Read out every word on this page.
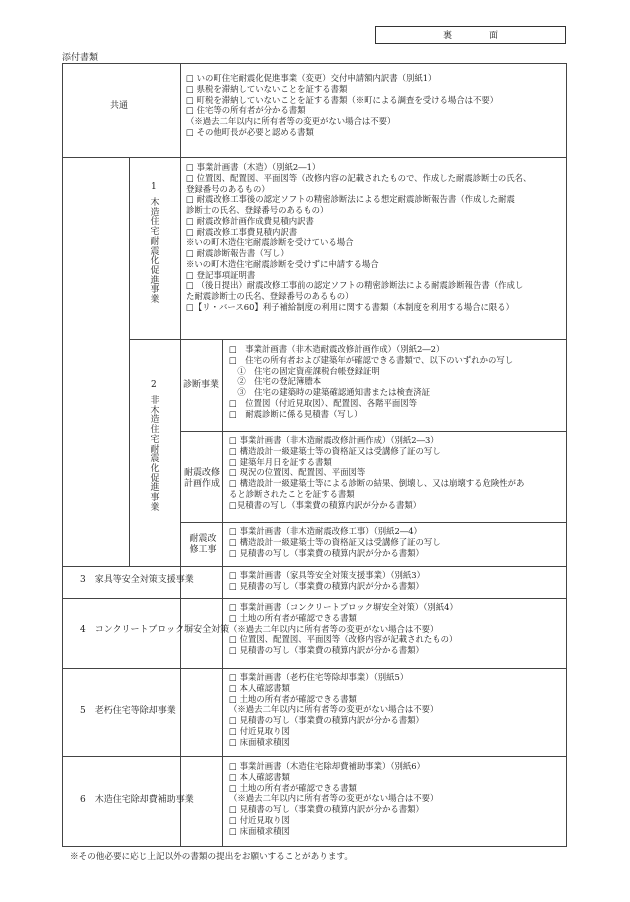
裏　面
添付書類
共通
□ いの町住宅耐震化促進事業（変更）交付申請額内訳書（別紙1）
□ 県税を滞納していないことを証する書類
□ 町税を滞納していないことを証する書類（※町による調査を受ける場合は不要）
□ 住宅等の所有者が分かる書類
（※過去二年以内に所有者等の変更がない場合は不要）
□ その他町長が必要と認める書類
1
木造住宅耐震化促進事業
□ 事業計画書（木造）（別紙2―1）
□ 位置図、配置図、平面図等（改修内容の記載されたもので、作成した耐震診断士の氏名、
登録番号のあるもの）
□ 耐震改修工事後の認定ソフトの精密診断法による想定耐震診断報告書（作成した耐震
診断士の氏名、登録番号のあるもの）
□ 耐震改修計画作成費見積内訳書
□ 耐震改修工事費見積内訳書
※いの町木造住宅耐震診断を受けている場合
□ 耐震診断報告書（写し）
※いの町木造住宅耐震診断を受けずに申請する場合
□ 登記事項証明書
□ （後日提出）耐震改修工事前の認定ソフトの精密診断法による耐震診断報告書（作成し
た耐震診断士の氏名、登録番号のあるもの）
□【リ・バース60】利子補給制度の利用に関する書類（本制度を利用する場合に限る）
2
非木造住宅耐震化促進事業
診断事業
□　事業計画書（非木造耐震改修計画作成）（別紙2―2）
□　住宅の所有者および建築年が確認できる書類で、以下のいずれかの写し
　①　住宅の固定資産課税台帳登録証明
　②　住宅の登記簿謄本
　③　住宅の建築時の建築確認通知書または検査済証
□　位置図（付近見取図）、配置図、各階平面図等
□　耐震診断に係る見積書（写し）
耐震改修計画作成
□ 事業計画書（非木造耐震改修計画作成）（別紙2―3）
□ 構造設計一級建築士等の資格証又は受講修了証の写し
□ 建築年月日を証する書類
□ 現況の位置図、配置図、平面図等
□ 構造設計一級建築士等による診断の結果、倒壊し、又は崩壊する危険性があ
ると診断されたことを証する書類
□見積書の写し（事業費の積算内訳が分かる書類）
耐震改修工事
□ 事業計画書（非木造耐震改修工事）（別紙2―4）
□ 構造設計一級建築士等の資格証又は受講修了証の写し
□ 見積書の写し（事業費の積算内訳が分かる書類）
3　家具等安全対策支援事業	□ 事業計画書（家具等安全対策支援事業）（別紙3）
□ 見積書の写し（事業費の積算内訳が分かる書類）
4　コンクリートブロック塀安全対策
□ 事業計画書（コンクリートブロック塀安全対策）（別紙4）
□ 土地の所有者が確認できる書類
（※過去二年以内に所有者等の変更がない場合は不要）
□ 位置図、配置図、平面図等（改修内容が記載されたもの）
□ 見積書の写し（事業費の積算内訳が分かる書類）
5　老朽住宅等除却事業
□ 事業計画書（老朽住宅等除却事業）（別紙5）
□ 本人確認書類
□ 土地の所有者が確認できる書類
（※過去二年以内に所有者等の変更がない場合は不要）
□ 見積書の写し（事業費の積算内訳が分かる書類）
□ 付近見取り図
□ 床面積求積図
6　木造住宅除却費補助事業
□ 事業計画書（木造住宅除却費補助事業）（別紙6）
□ 本人確認書類
□ 土地の所有者が確認できる書類
（※過去二年以内に所有者等の変更がない場合は不要）
□ 見積書の写し（事業費の積算内訳が分かる書類）
□ 付近見取り図
□ 床面積求積図
※その他必要に応じ上記以外の書類の提出をお願いすることがあります。
